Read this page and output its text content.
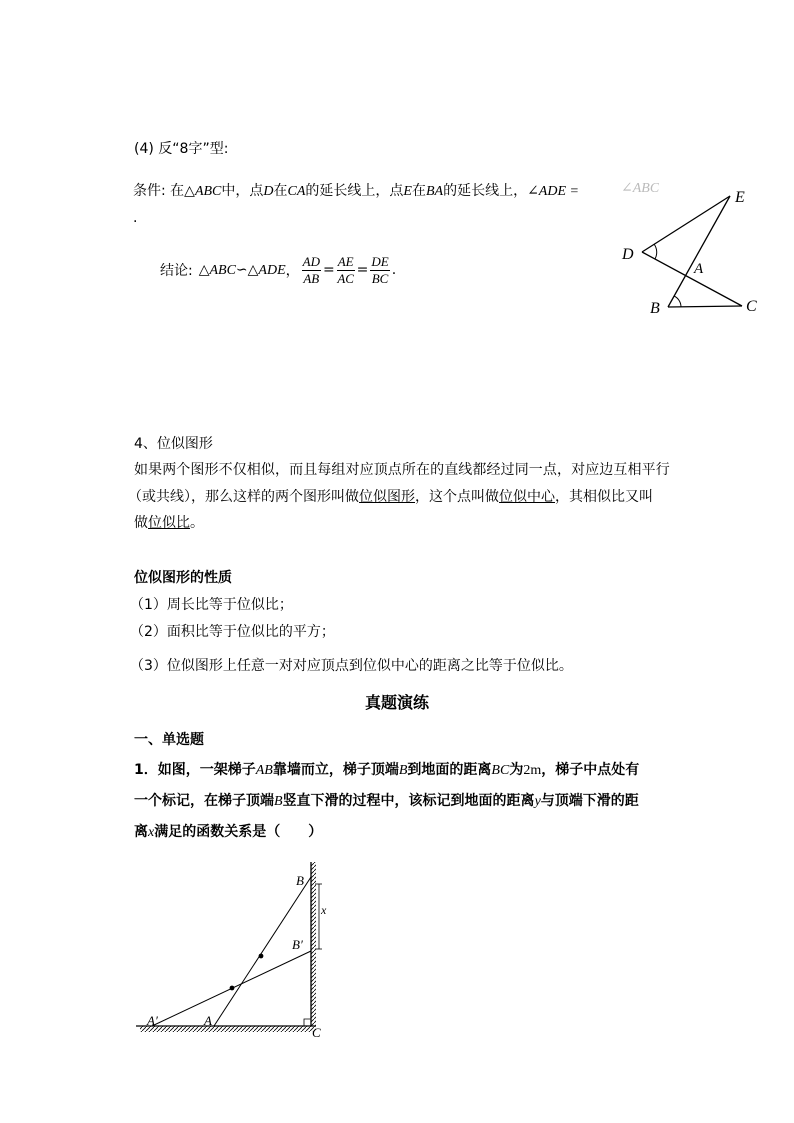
(4) 反“8字”型:
条件: 在△ABC中，点D在CA的延长线上，点E在BA的延长线上，∠ADE =	∠ABC
.
结论: △ABC∽△ADE ， $\frac{AD}{AB} = \frac{AE}{AC} = \frac{DE}{BC}$ .
E
D
A
B	C
4、位似图形
如果两个图形不仅相似，而且每组对应顶点所在的直线都经过同一点，对应边互相平行
（或共线），那么这样的两个图形叫做位似图形，这个点叫做位似中心，其相似比又叫
做位似比。
位似图形的性质
（1）周长比等于位似比；
（2）面积比等于位似比的平方；
（3）位似图形上任意一对对应顶点到位似中心的距离之比等于位似比。
真题演练
一、单选题
1．如图，一架梯子AB靠墙而立，梯子顶端B到地面的距离BC为2m，梯子中点处有
一个标记，在梯子顶端B竖直下滑的过程中，该标记到地面的距离y与顶端下滑的距
离x满足的函数关系是（　　）
B
B′
x
A′	A
C
